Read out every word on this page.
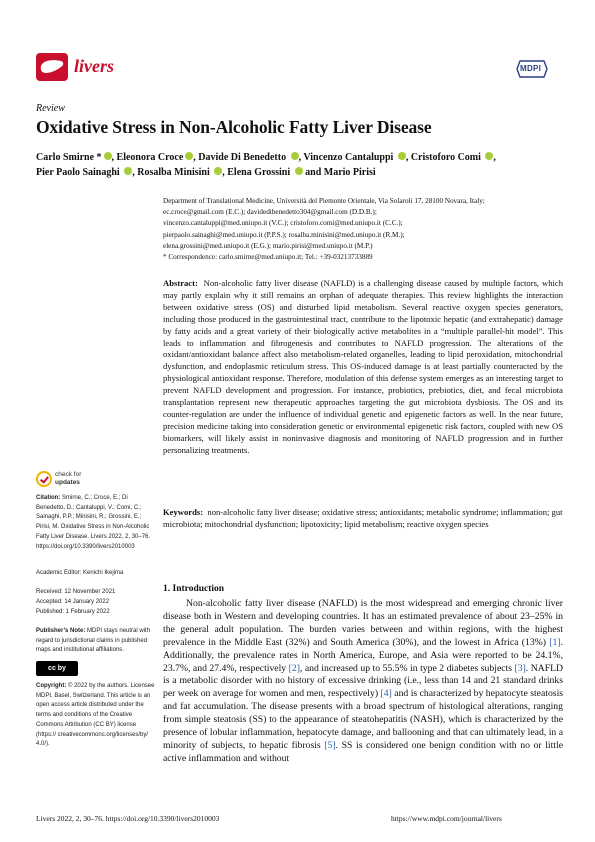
livers	MDPI
Review
Oxidative Stress in Non-Alcoholic Fatty Liver Disease
Carlo Smirne * , Eleonora Croce , Davide Di Benedetto , Vincenzo Cantaluppi , Cristoforo Comi ,
Pier Paolo Sainaghi , Rosalba Minisini , Elena Grossini and Mario Pirisi
Department of Translational Medicine, Università del Piemonte Orientale, Via Solaroli 17, 28100 Novara, Italy;
ec.croce@gmail.com (E.C.); davidedibenedetto304@gmail.com (D.D.B.);
vincenzo.cantaluppi@med.uniupo.it (V.C.); cristoforo.comi@med.uniupo.it (C.C.);
pierpaolo.sainaghi@med.uniupo.it (P.P.S.); rosalba.minisini@med.uniupo.it (R.M.);
elena.grossini@med.uniupo.it (E.G.); mario.pirisi@med.uniupo.it (M.P.)
* Correspondence: carlo.smirne@med.uniupo.it; Tel.: +39-03213733889
Abstract: Non-alcoholic fatty liver disease (NAFLD) is a challenging disease caused by multiple factors, which may partly explain why it still remains an orphan of adequate therapies. This review highlights the interaction between oxidative stress (OS) and disturbed lipid metabolism. Several reactive oxygen species generators, including those produced in the gastrointestinal tract, contribute to the lipotoxic hepatic (and extrahepatic) damage by fatty acids and a great variety of their biologically active metabolites in a “multiple parallel-hit model”. This leads to inflammation and fibrogenesis and contributes to NAFLD progression. The alterations of the oxidant/antioxidant balance affect also metabolism-related organelles, leading to lipid peroxidation, mitochondrial dysfunction, and endoplasmic reticulum stress. This OS-induced damage is at least partially counteracted by the physiological antioxidant response. Therefore, modulation of this defense system emerges as an interesting target to prevent NAFLD development and progression. For instance, probiotics, prebiotics, diet, and fecal microbiota transplantation represent new therapeutic approaches targeting the gut microbiota dysbiosis. The OS and its counter-regulation are under the influence of individual genetic and epigenetic factors as well. In the near future, precision medicine taking into consideration genetic or environmental epigenetic risk factors, coupled with new OS biomarkers, will likely assist in noninvasive diagnosis and monitoring of NAFLD progression and in further personalizing treatments.
Keywords: non-alcoholic fatty liver disease; oxidative stress; antioxidants; metabolic syndrome; inflammation; gut microbiota; mitochondrial dysfunction; lipotoxicity; lipid metabolism; reactive oxygen species
check for
updates
Citation: Smirne, C.; Croce, E.; Di Benedetto, D.; Cantaluppi, V.; Comi, C.; Sainaghi, P.P.; Minisini, R.; Grossini, E.; Pirisi, M. Oxidative Stress in Non-Alcoholic Fatty Liver Disease. Livers 2022, 2, 30–76. https://doi.org/10.3390/livers2010003
Academic Editor: Kenichi Ikejima
Received: 12 November 2021
Accepted: 14 January 2022
Published: 1 February 2022
Publisher’s Note: MDPI stays neutral with regard to jurisdictional claims in published maps and institutional affiliations.
cc by
Copyright: © 2022 by the authors. Licensee MDPI, Basel, Switzerland. This article is an open access article distributed under the terms and conditions of the Creative Commons Attribution (CC BY) license (https:// creativecommons.org/licenses/by/ 4.0/).
1. Introduction
Non-alcoholic fatty liver disease (NAFLD) is the most widespread and emerging chronic liver disease both in Western and developing countries. It has an estimated prevalence of about 23–25% in the general adult population. The burden varies between and within regions, with the highest prevalence in the Middle East (32%) and South America (30%), and the lowest in Africa (13%) [1]. Additionally, the prevalence rates in North America, Europe, and Asia were reported to be 24.1%, 23.7%, and 27.4%, respectively [2], and increased up to 55.5% in type 2 diabetes subjects [3]. NAFLD is a metabolic disorder with no history of excessive drinking (i.e., less than 14 and 21 standard drinks per week on average for women and men, respectively) [4] and is characterized by hepatocyte steatosis and fat accumulation. The disease presents with a broad spectrum of histological alterations, ranging from simple steatosis (SS) to the appearance of steatohepatitis (NASH), which is characterized by the presence of lobular inflammation, hepatocyte damage, and ballooning and that can ultimately lead, in a minority of subjects, to hepatic fibrosis [5]. SS is considered one benign condition with no or little active inflammation and without
Livers 2022, 2, 30–76. https://doi.org/10.3390/livers2010003	https://www.mdpi.com/journal/livers
